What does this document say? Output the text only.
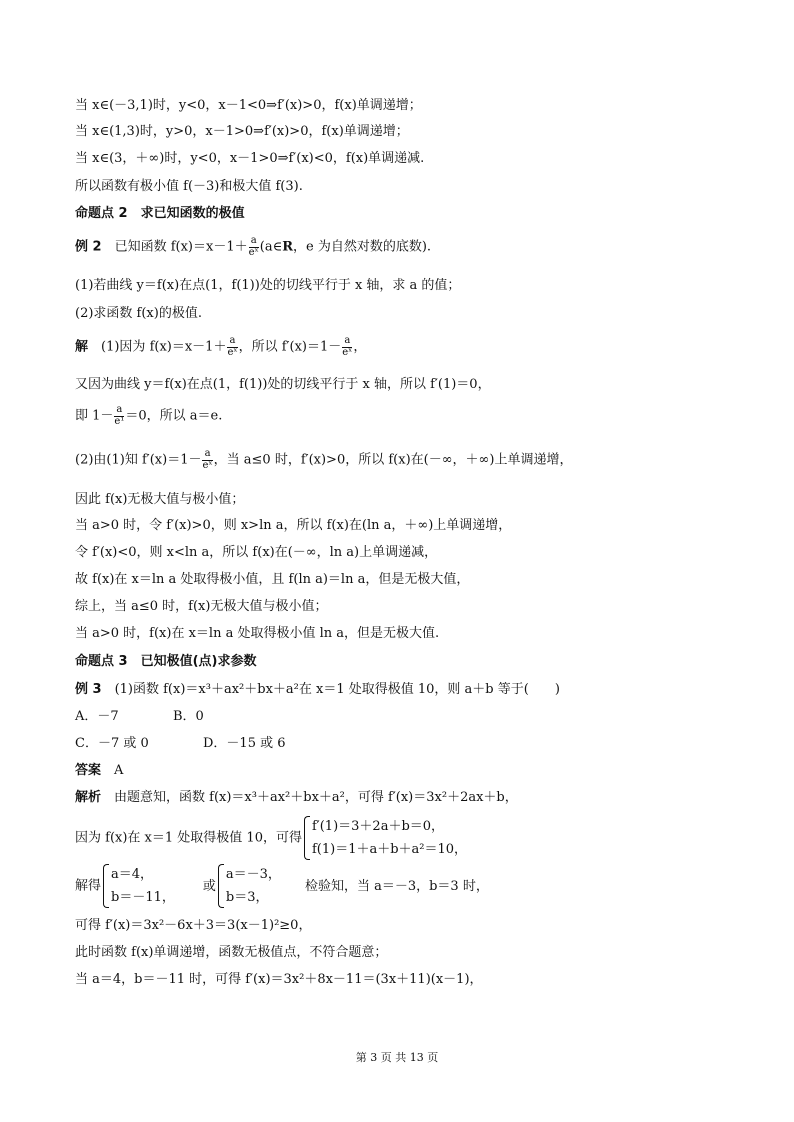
当 x∈(－3,1)时，y<0，x－1<0⇒f′(x)>0，f(x)单调递增；
当 x∈(1,3)时，y>0，x－1>0⇒f′(x)>0，f(x)单调递增；
当 x∈(3，＋∞)时，y<0，x－1>0⇒f′(x)<0，f(x)单调递减.
所以函数有极小值 f(－3)和极大值 f(3).
命题点 2　求已知函数的极值
例 2　已知函数 $f(x)=x-1+ \frac{a}{\text{eˣ}}$ (a∈R，e 为自然对数的底数).
(1)若曲线 y＝f(x)在点(1，f(1))处的切线平行于 x 轴，求 a 的值；
(2)求函数 f(x)的极值.
解　(1)因为 $f(x)=x-1+ \frac{a}{\text{eˣ}}$ ，所以 $f'(x)=1- \frac{a}{\text{eˣ}}$ ，
又因为曲线 y＝f(x)在点(1，f(1))处的切线平行于 x 轴，所以 f′(1)＝0，
即 $1- \frac{a}{\text{e¹}} =0$，所以 a＝e.
(2)由(1)知 $f'(x)=1- \frac{a}{\text{eˣ}}$ ，当 a≤0 时，f′(x)>0，所以 f(x)在(－∞，＋∞)上单调递增，
因此 f(x)无极大值与极小值；
当 a>0 时，令 f′(x)>0，则 x>ln a，所以 f(x)在(ln a，＋∞)上单调递增，
令 f′(x)<0，则 x<ln a，所以 f(x)在(－∞，ln a)上单调递减，
故 f(x)在 x＝ln a 处取得极小值，且 f(ln a)＝ln a，但是无极大值，
综上，当 a≤0 时，f(x)无极大值与极小值；
当 a>0 时，f(x)在 x＝ln a 处取得极小值 ln a，但是无极大值.
命题点 3　已知极值(点)求参数
例 3　(1)函数 f(x)＝x³＋ax²＋bx＋a²在 x＝1 处取得极值 10，则 a＋b 等于(　　)
A．－7	B．0
C．－7 或 0	D．－15 或 6
答案　A
解析　由题意知，函数 f(x)＝x³＋ax²＋bx＋a²，可得 f′(x)＝3x²＋2ax＋b，
因为 f(x)在 x＝1 处取得极值 10，可得
f′(1)＝3＋2a＋b＝0，
f(1)＝1＋a＋b＋a²＝10，
解得
a＝4，
b＝－11，
或
a＝－3，
b＝3，
检验知，当 a＝－3，b＝3 时，
可得 f′(x)＝3x²－6x＋3＝3(x－1)²≥0，
此时函数 f(x)单调递增，函数无极值点，不符合题意；
当 a＝4，b＝－11 时，可得 f′(x)＝3x²＋8x－11＝(3x＋11)(x－1)，
第 3 页 共 13 页
